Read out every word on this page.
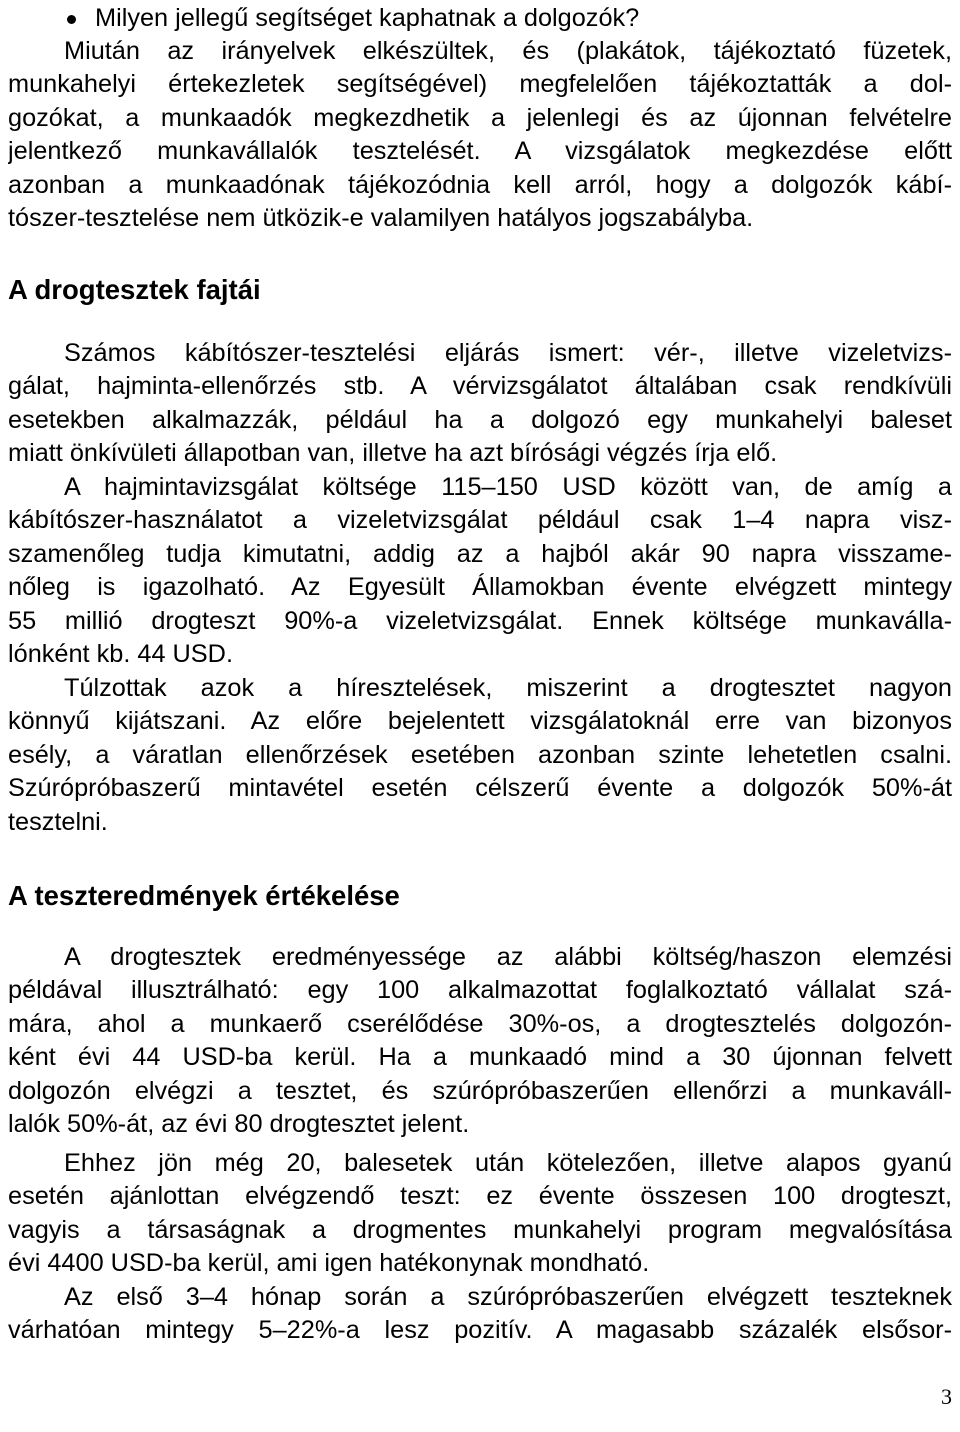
Milyen jellegű segítséget kaphatnak a dolgozók?
Miután az irányelvek elkészültek, és (plakátok, tájékoztató füzetek,
munkahelyi értekezletek segítségével) megfelelően tájékoztatták a dol-
gozókat, a munkaadók megkezdhetik a jelenlegi és az újonnan felvételre
jelentkező munkavállalók tesztelését. A vizsgálatok megkezdése előtt
azonban a munkaadónak tájékozódnia kell arról, hogy a dolgozók kábí-
tószer-tesztelése nem ütközik-e valamilyen hatályos jogszabályba.
A drogtesztek fajtái
Számos kábítószer-tesztelési eljárás ismert: vér-, illetve vizeletvizs-
gálat, hajminta-ellenőrzés stb. A vérvizsgálatot általában csak rendkívüli
esetekben alkalmazzák, például ha a dolgozó egy munkahelyi baleset
miatt önkívületi állapotban van, illetve ha azt bírósági végzés írja elő.
A hajmintavizsgálat költsége 115–150 USD között van, de amíg a
kábítószer-használatot a vizeletvizsgálat például csak 1–4 napra visz-
szamenőleg tudja kimutatni, addig az a hajból akár 90 napra visszame-
nőleg is igazolható. Az Egyesült Államokban évente elvégzett mintegy
55 millió drogteszt 90%-a vizeletvizsgálat. Ennek költsége munkavállа-
lónként kb. 44 USD.
Túlzottak azok a híresztelések, miszerint a drogtesztet nagyon
könnyű kijátszani. Az előre bejelentett vizsgálatoknál erre van bizonyos
esély, a váratlan ellenőrzések esetében azonban szinte lehetetlen csalni.
Szúrópróbaszerű mintavétel esetén célszerű évente a dolgozók 50%-át
tesztelni.
A teszteredmények értékelése
A drogtesztek eredményessége az alábbi költség/haszon elemzési
példával illusztrálható: egy 100 alkalmazottat foglalkoztató vállalat szá-
mára, ahol a munkaerő cserélődése 30%-os, a drogtesztelés dolgozón-
ként évi 44 USD-ba kerül. Ha a munkaadó mind a 30 újonnan felvett
dolgozón elvégzi a tesztet, és szúrópróbaszerűen ellenőrzi a munkaváll-
lalók 50%-át, az évi 80 drogtesztet jelent.
Ehhez jön még 20, balesetek után kötelezően, illetve alapos gyanú
esetén ajánlottan elvégzendő teszt: ez évente összesen 100 drogteszt,
vagyis a társaságnak a drogmentes munkahelyi program megvalósítása
évi 4400 USD-ba kerül, ami igen hatékonynak mondható.
Az első 3–4 hónap során a szúrópróbaszerűen elvégzett teszteknek
várhatóan mintegy 5–22%-a lesz pozitív. A magasabb százalék elsősor-
3
